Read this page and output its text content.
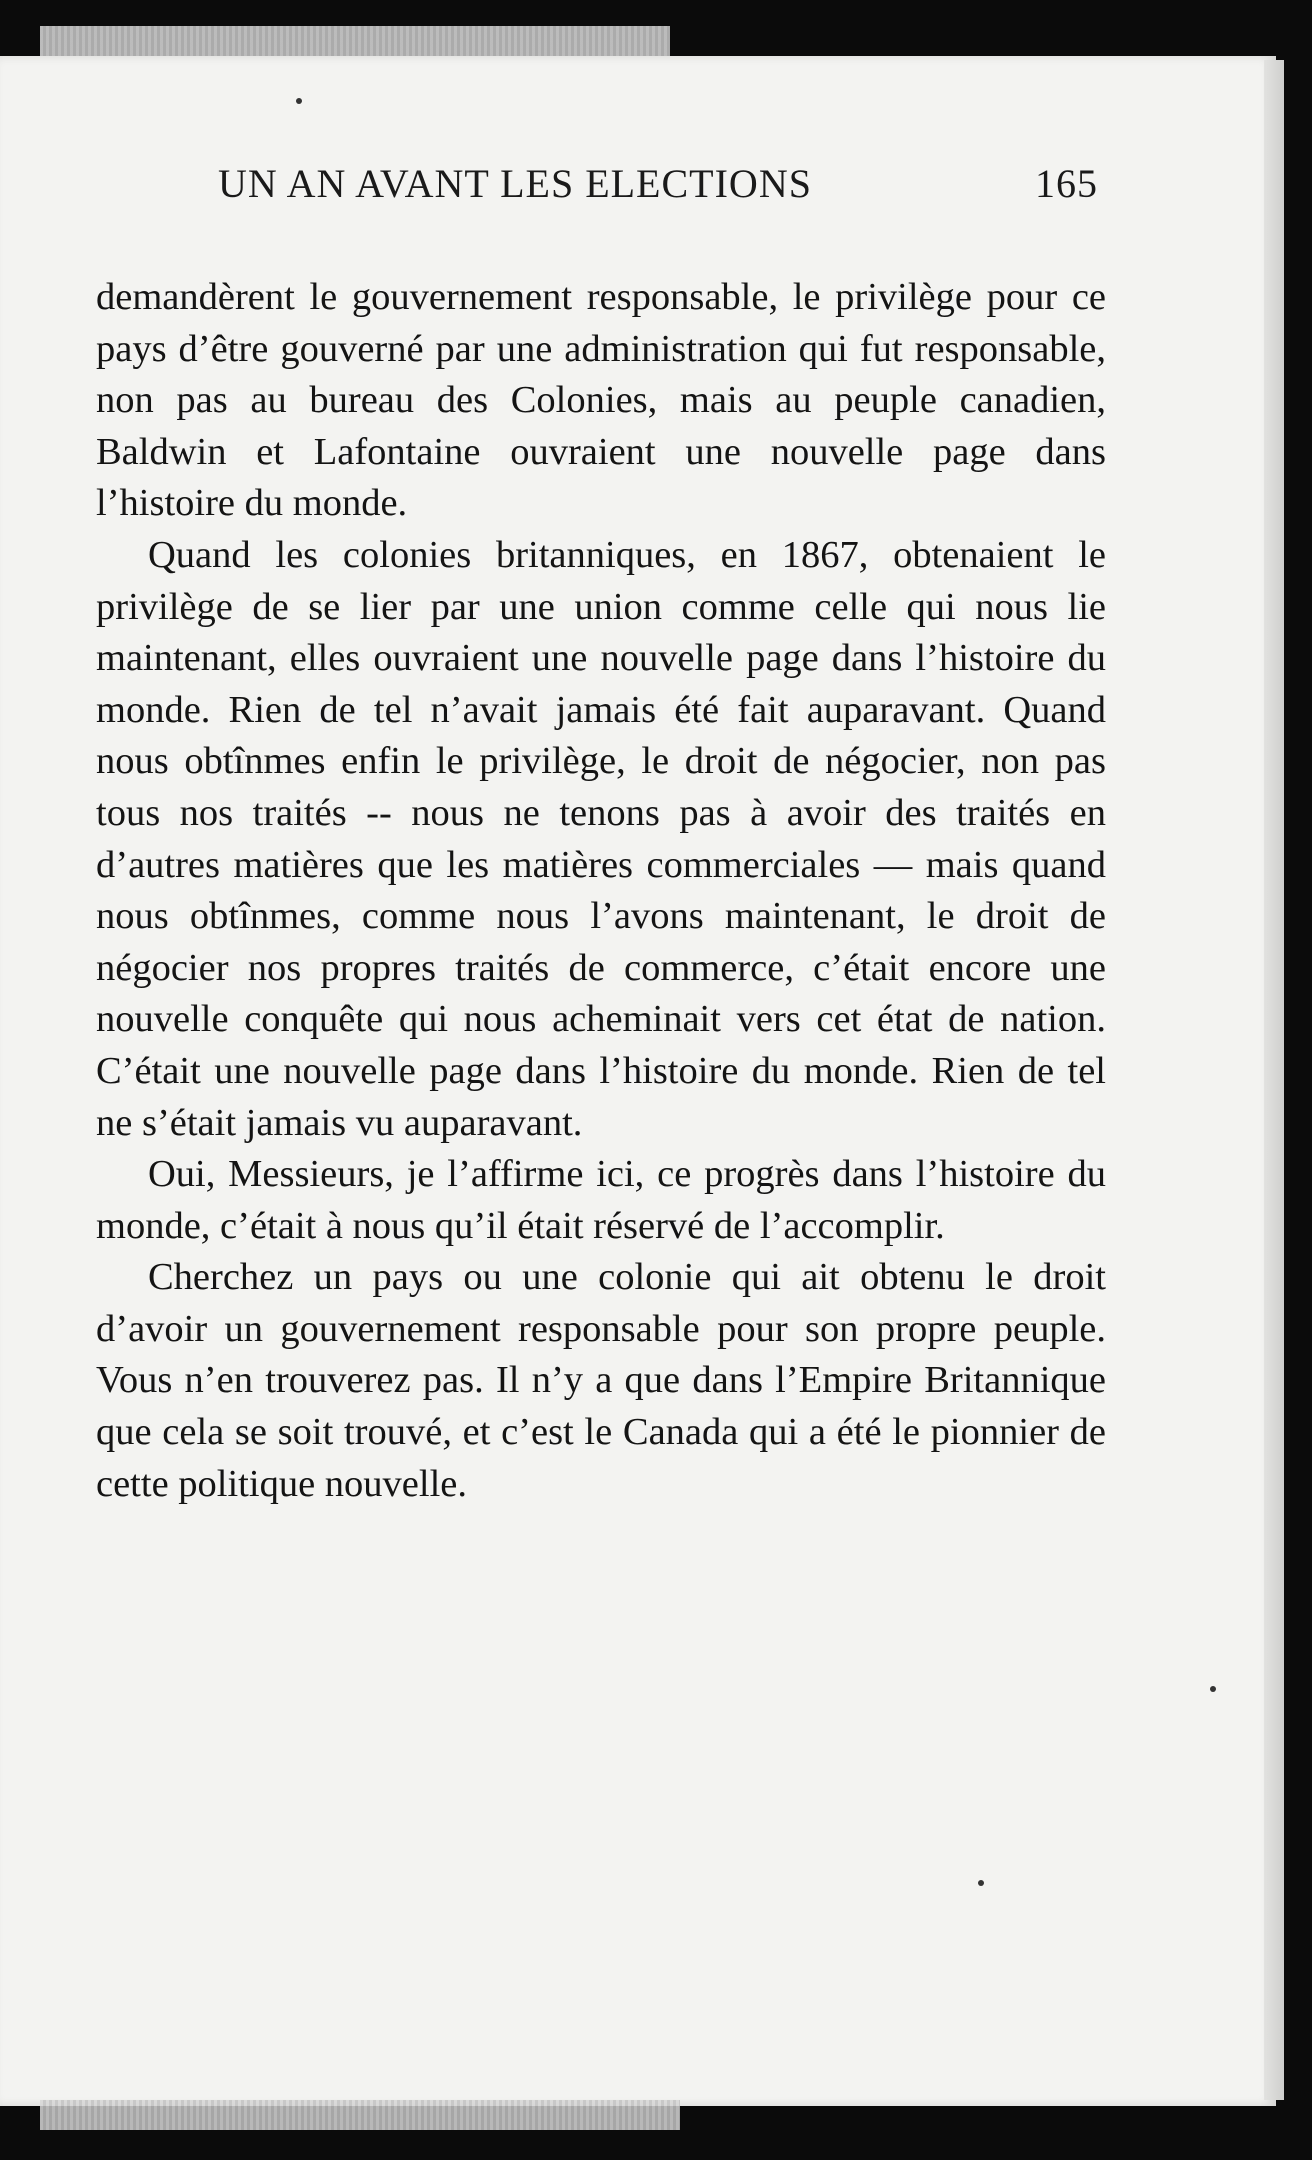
UN AN AVANT LES ELECTIONS	165

demandèrent le gouvernement responsable, le privilège pour ce pays d’être gouverné par une administration qui fut responsable, non pas au bureau des Colonies, mais au peuple canadien, Baldwin et Lafontaine ouvraient une nouvelle page dans l’histoire du monde.

Quand les colonies britanniques, en 1867, obtenaient le privilège de se lier par une union comme celle qui nous lie maintenant, elles ouvraient une nouvelle page dans l’histoire du monde. Rien de tel n’avait jamais été fait auparavant. Quand nous obtînmes enfin le privilège, le droit de négocier, non pas tous nos traités -- nous ne tenons pas à avoir des traités en d’autres matières que les matières commerciales — mais quand nous obtînmes, comme nous l’avons maintenant, le droit de négocier nos propres traités de commerce, c’était encore une nouvelle conquête qui nous acheminait vers cet état de nation. C’était une nouvelle page dans l’histoire du monde. Rien de tel ne s’était jamais vu auparavant.

Oui, Messieurs, je l’affirme ici, ce progrès dans l’histoire du monde, c’était à nous qu’il était réservé de l’accomplir.

Cherchez un pays ou une colonie qui ait obtenu le droit d’avoir un gouvernement responsable pour son propre peuple. Vous n’en trouverez pas. Il n’y a que dans l’Empire Britannique que cela se soit trouvé, et c’est le Canada qui a été le pionnier de cette politique nouvelle.
